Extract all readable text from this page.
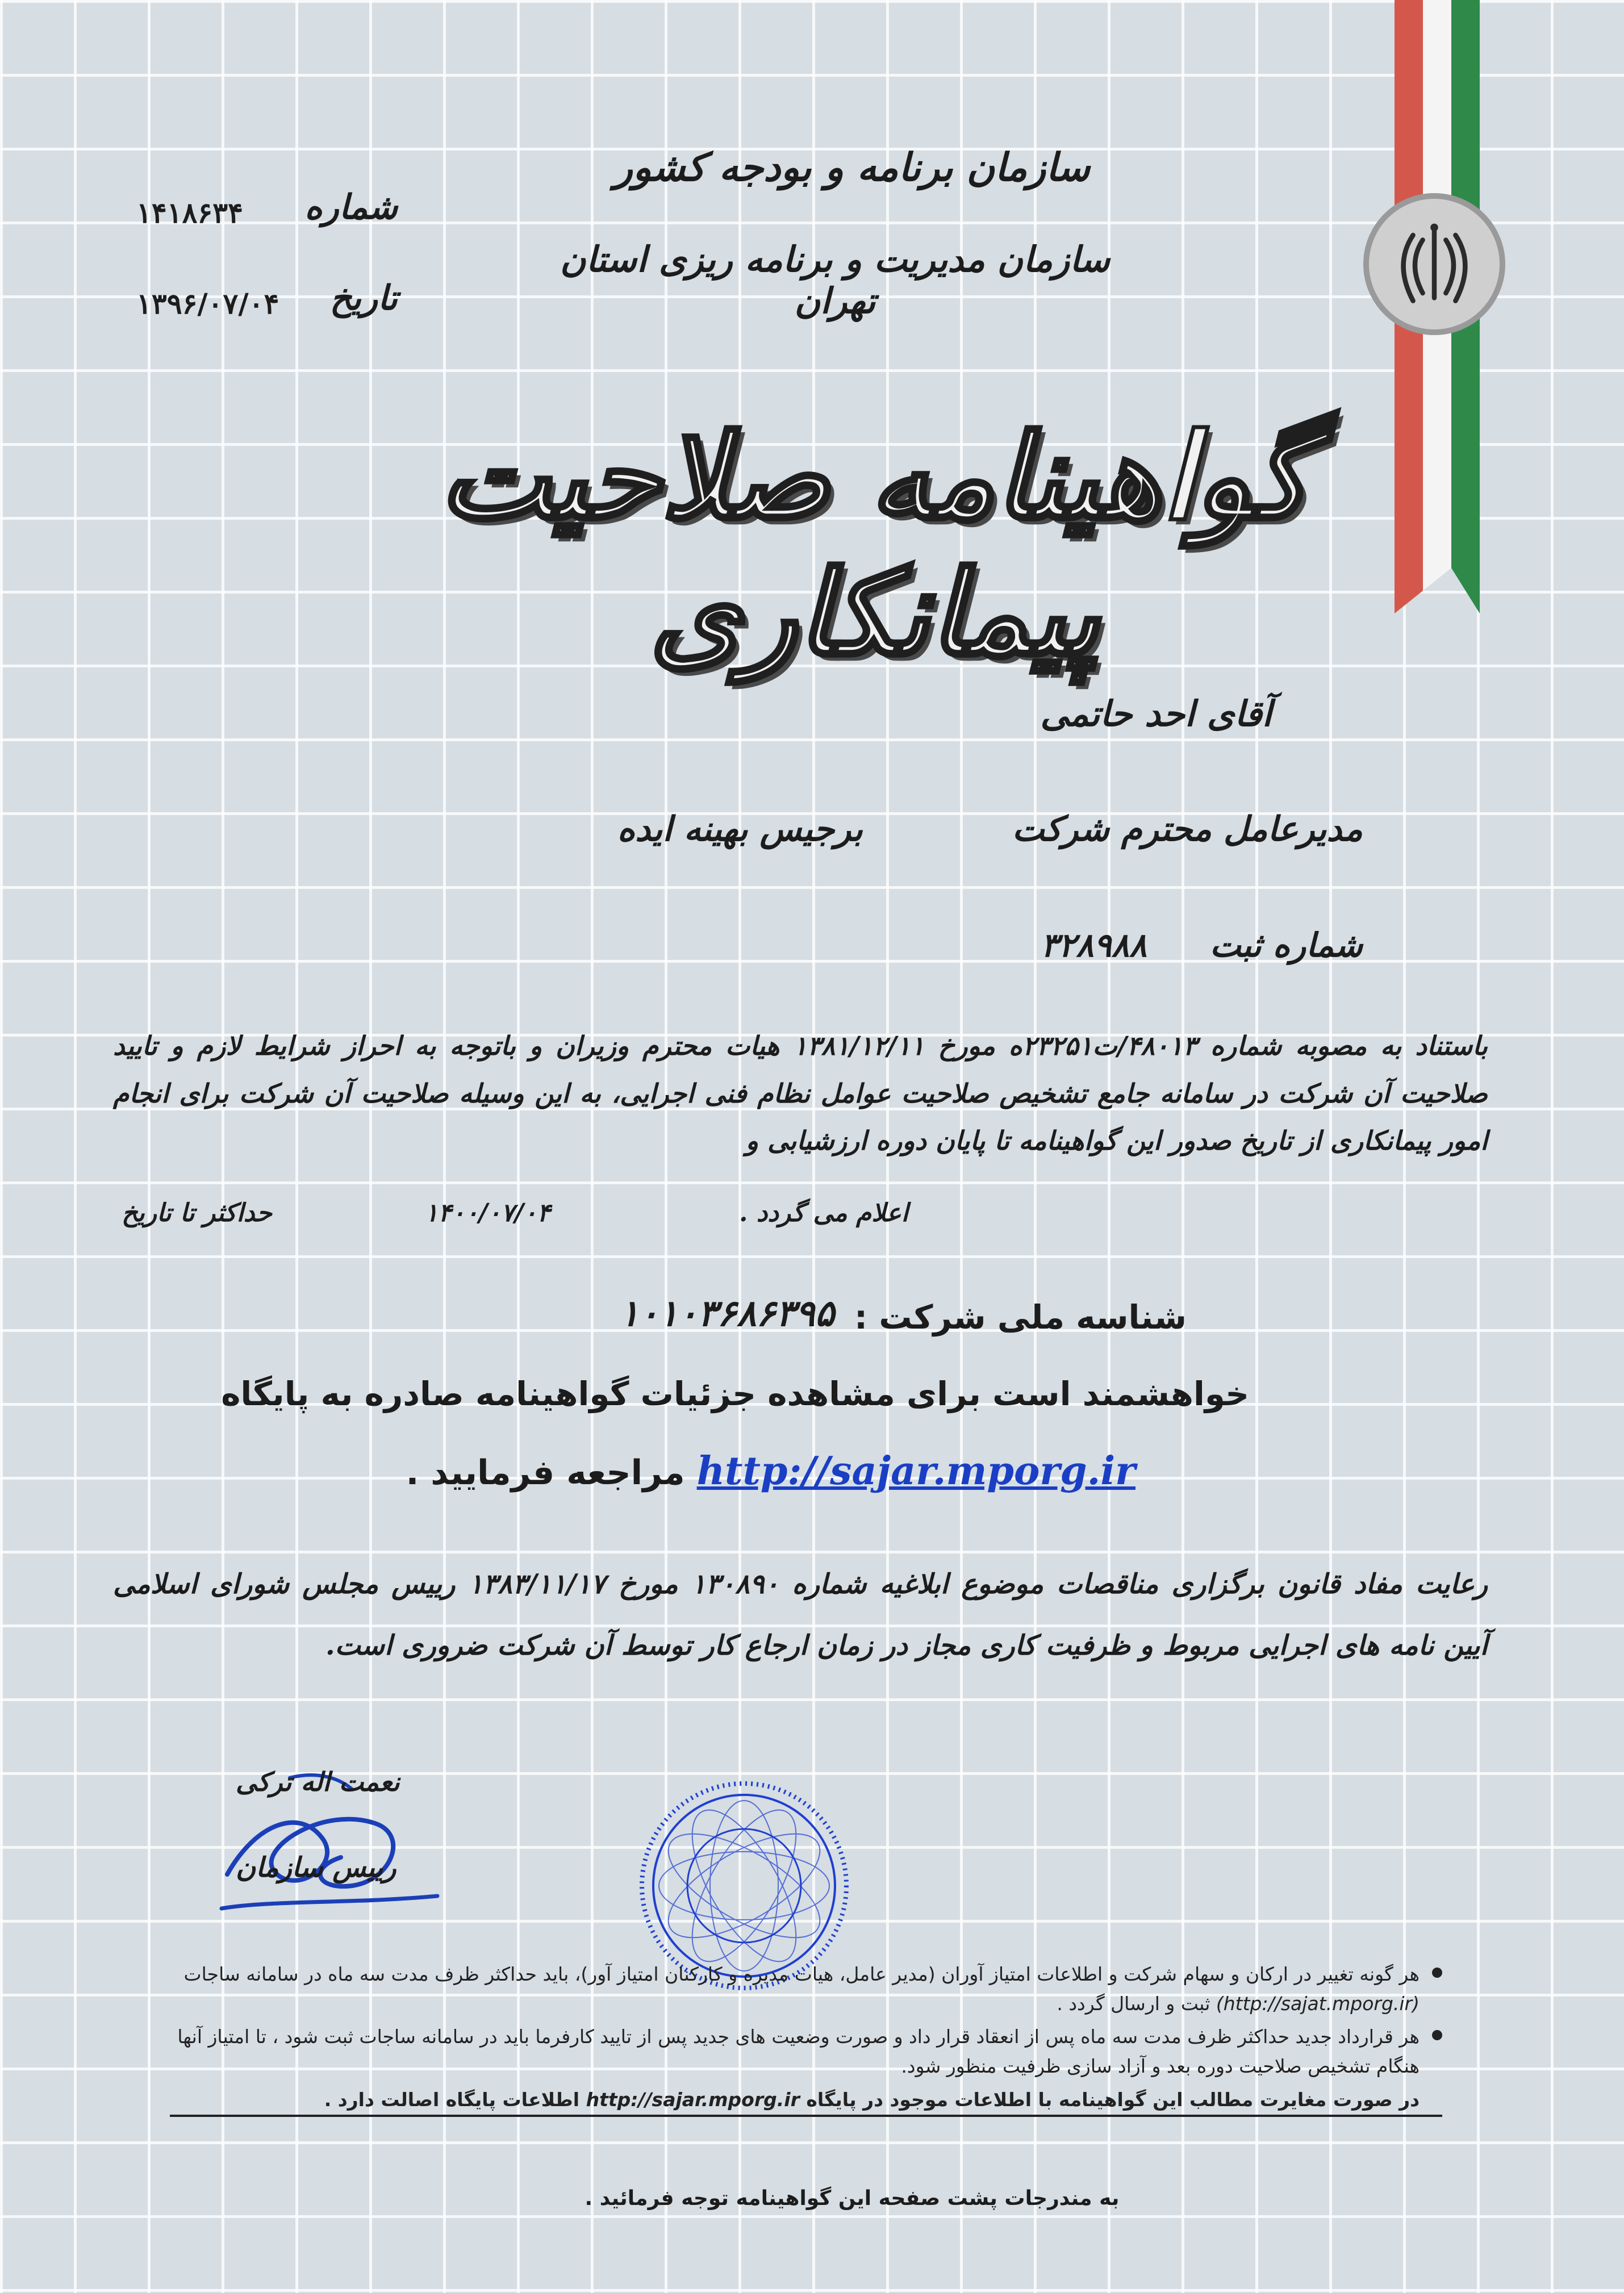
سازمان برنامه و بودجه کشور
سازمان مدیریت و برنامه ریزی استان تهران
شماره
۱۴۱۸۶۳۴
تاریخ
۱۳۹۶/۰۷/۰۴
گواهینامه صلاحیت پیمانکاری
آقای احد حاتمی
مدیرعامل محترم شرکت
برجیس بهینه ایده
شماره ثبت
۳۲۸۹۸۸
باستناد به مصوبه شماره ۴۸۰۱۳/ت۲۳۲۵۱ه مورخ ۱۳۸۱/۱۲/۱۱ هیات محترم وزیران و باتوجه به احراز شرایط لازم و تایید صلاحیت آن شرکت در سامانه جامع تشخیص صلاحیت عوامل نظام فنی اجرایی، به این وسیله صلاحیت آن شرکت برای انجام امور پیمانکاری از تاریخ صدور این گواهینامه تا پایان دوره ارزشیابی و
حداکثر تا تاریخ	۱۴۰۰/۰۷/۰۴	اعلام می گردد .
شناسه ملی شرکت :
۱۰۱۰۳۶۸۶۳۹۵
خواهشمند است برای مشاهده جزئیات گواهینامه صادره به پایگاه
http://sajar.mporg.ir مراجعه فرمایید .
رعایت مفاد قانون برگزاری مناقصات موضوع ابلاغیه شماره ۱۳۰۸۹۰ مورخ ۱۳۸۳/۱۱/۱۷ رییس مجلس شورای اسلامی آیین نامه های اجرایی مربوط و ظرفیت کاری مجاز در زمان ارجاع کار توسط آن شرکت ضروری است.
نعمت اله ترکی
رییس سازمان
هر گونه تغییر در ارکان و سهام شرکت و اطلاعات امتیاز آوران (مدیر عامل، هیات مدیره و کارکنان امتیاز آور)، باید حداکثر ظرف مدت سه ماه در سامانه ساجات (http://sajat.mporg.ir) ثبت و ارسال گردد .
هر قرارداد جدید حداکثر ظرف مدت سه ماه پس از انعقاد قرار داد و صورت وضعیت های جدید پس از تایید کارفرما باید در سامانه ساجات ثبت شود ، تا امتیاز آنها هنگام تشخیص صلاحیت دوره بعد و آزاد سازی ظرفیت منظور شود.
در صورت مغایرت مطالب این گواهینامه با اطلاعات موجود در پایگاه http://sajar.mporg.ir اطلاعات پایگاه اصالت دارد .
به مندرجات پشت صفحه این گواهینامه توجه فرمائید .
